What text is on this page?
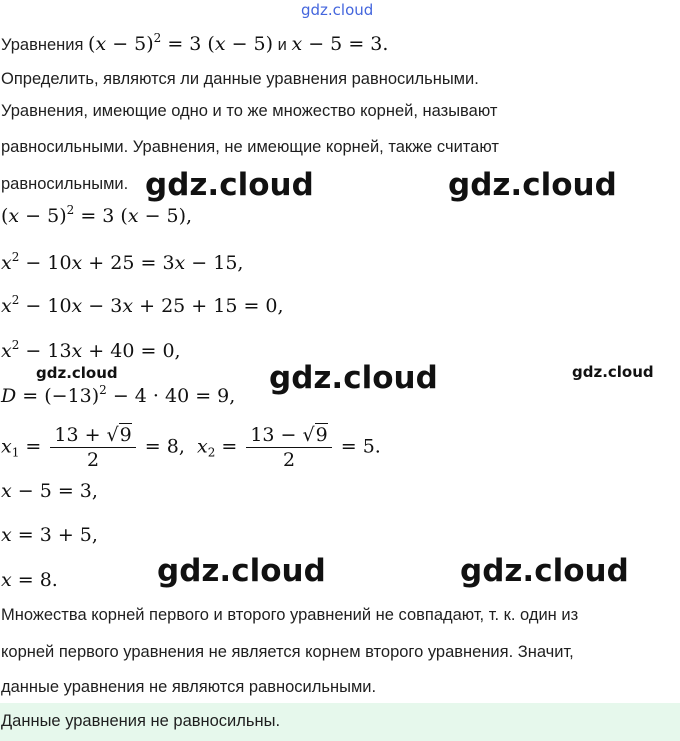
gdz.cloud
Уравнения $(x - 5)^2 = 3$ (x − 5) и x − 5 = 3.
Определить, являются ли данные уравнения равносильными.
Уравнения, имеющие одно и то же множество корней, называют
равносильными. Уравнения, не имеющие корней, также считают
равносильными.
$(x - 5)^2 = 3$ (x − 5),
$x^2 - 10x + 25 = 3x - 15$,
$x^2 - 10x - 3x + 25 + 15 = 0$,
$x^2 - 13x + 40 = 0$,
$D = (-13)^2 - 4 \cdot 40 = 9$,
$x_1 = \frac{13 + √9}{2} = 8$,  $x_2 = \frac{13 - √9}{2} = 5$.
x − 5 = 3,
x = 3 + 5,
x = 8.
Множества корней первого и второго уравнений не совпадают, т. к. один из
корней первого уравнения не является корнем второго уравнения. Значит,
данные уравнения не являются равносильными.
Данные уравнения не равносильны.
gdz.cloud	gdz.cloud
gdz.cloud	gdz.cloud	gdz.cloud
gdz.cloud	gdz.cloud
